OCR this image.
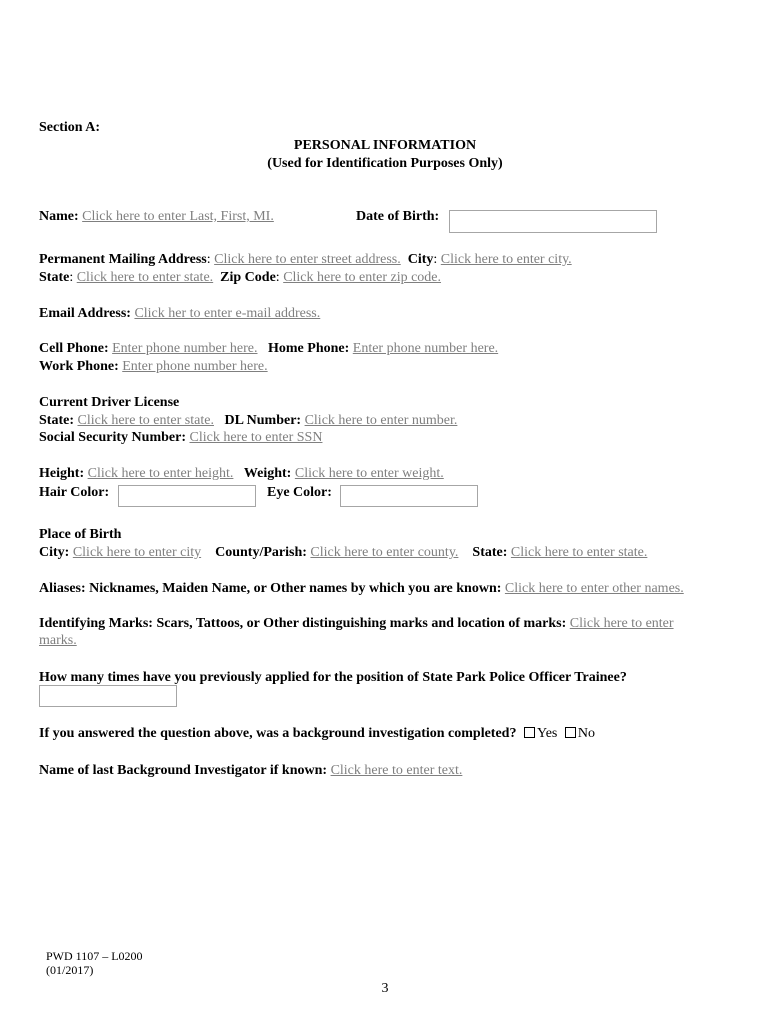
Section A:
PERSONAL INFORMATION
(Used for Identification Purposes Only)
Name: Click here to enter Last, First, MI.	Date of Birth:
Permanent Mailing Address: Click here to enter street address. City: Click here to enter city.
State: Click here to enter state. Zip Code: Click here to enter zip code.
Email Address: Click her to enter e-mail address.
Cell Phone: Enter phone number here. Home Phone: Enter phone number here.
Work Phone: Enter phone number here.
Current Driver License
State: Click here to enter state. DL Number: Click here to enter number.
Social Security Number: Click here to enter SSN
Height: Click here to enter height. Weight: Click here to enter weight.
Hair Color:	Eye Color:
Place of Birth
City: Click here to enter city County/Parish: Click here to enter county. State: Click here to enter state.
Aliases: Nicknames, Maiden Name, or Other names by which you are known: Click here to enter other names.
Identifying Marks: Scars, Tattoos, or Other distinguishing marks and location of marks: Click here to enter
marks.
How many times have you previously applied for the position of State Park Police Officer Trainee?
If you answered the question above, was a background investigation completed? Yes No
Name of last Background Investigator if known: Click here to enter text.
PWD 1107 – L0200
(01/2017)
3
